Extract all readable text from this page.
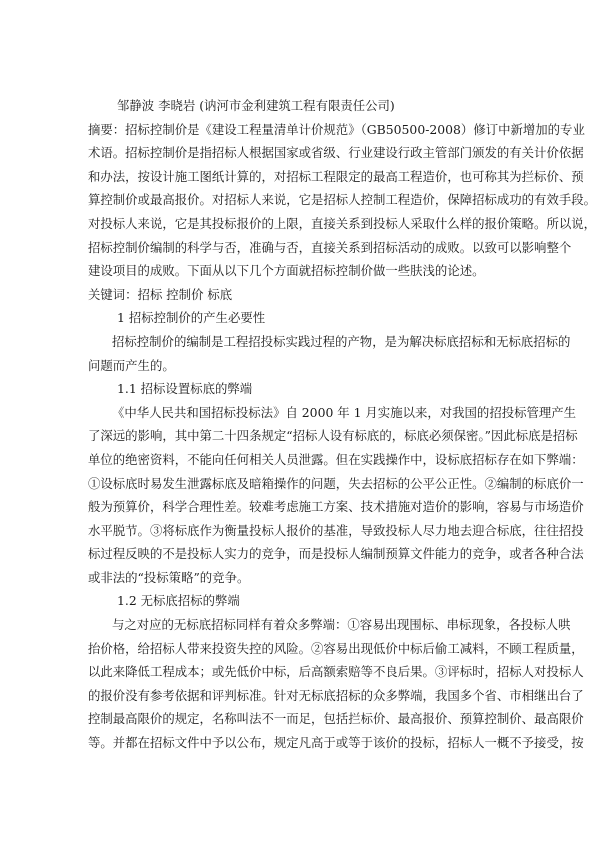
邹静波 李晓岩 (讷河市金利建筑工程有限责任公司)
摘要：招标控制价是《建设工程量清单计价规范》（GB50500-2008）修订中新增加的专业
术语。招标控制价是指招标人根据国家或省级、行业建设行政主管部门颁发的有关计价依据
和办法，按设计施工图纸计算的，对招标工程限定的最高工程造价，也可称其为拦标价、预
算控制价或最高报价。对招标人来说，它是招标人控制工程造价，保障招标成功的有效手段。
对投标人来说，它是其投标报价的上限，直接关系到投标人采取什么样的报价策略。所以说，
招标控制价编制的科学与否，准确与否，直接关系到招标活动的成败。以致可以影响整个
建设项目的成败。下面从以下几个方面就招标控制价做一些肤浅的论述。
关键词：招标 控制价 标底
1 招标控制价的产生必要性
招标控制价的编制是工程招投标实践过程的产物，是为解决标底招标和无标底招标的
问题而产生的。
1.1 招标设置标底的弊端
《中华人民共和国招标投标法》自 2000 年 1 月实施以来，对我国的招投标管理产生
了深远的影响，其中第二十四条规定“招标人设有标底的，标底必须保密。”因此标底是招标
单位的绝密资料，不能向任何相关人员泄露。但在实践操作中，设标底招标存在如下弊端：
①设标底时易发生泄露标底及暗箱操作的问题，失去招标的公平公正性。②编制的标底价一
般为预算价，科学合理性差。较难考虑施工方案、技术措施对造价的影响，容易与市场造价
水平脱节。③将标底作为衡量投标人报价的基准，导致投标人尽力地去迎合标底，往往招投
标过程反映的不是投标人实力的竞争，而是投标人编制预算文件能力的竞争，或者各种合法
或非法的“投标策略”的竞争。
1.2 无标底招标的弊端
与之对应的无标底招标同样有着众多弊端：①容易出现围标、串标现象，各投标人哄
抬价格，给招标人带来投资失控的风险。②容易出现低价中标后偷工减料，不顾工程质量，
以此来降低工程成本；或先低价中标，后高额索赔等不良后果。③评标时，招标人对投标人
的报价没有参考依据和评判标准。针对无标底招标的众多弊端，我国多个省、市相继出台了
控制最高限价的规定，名称叫法不一而足，包括拦标价、最高报价、预算控制价、最高限价
等。并都在招标文件中予以公布，规定凡高于或等于该价的投标，招标人一概不予接受，按
